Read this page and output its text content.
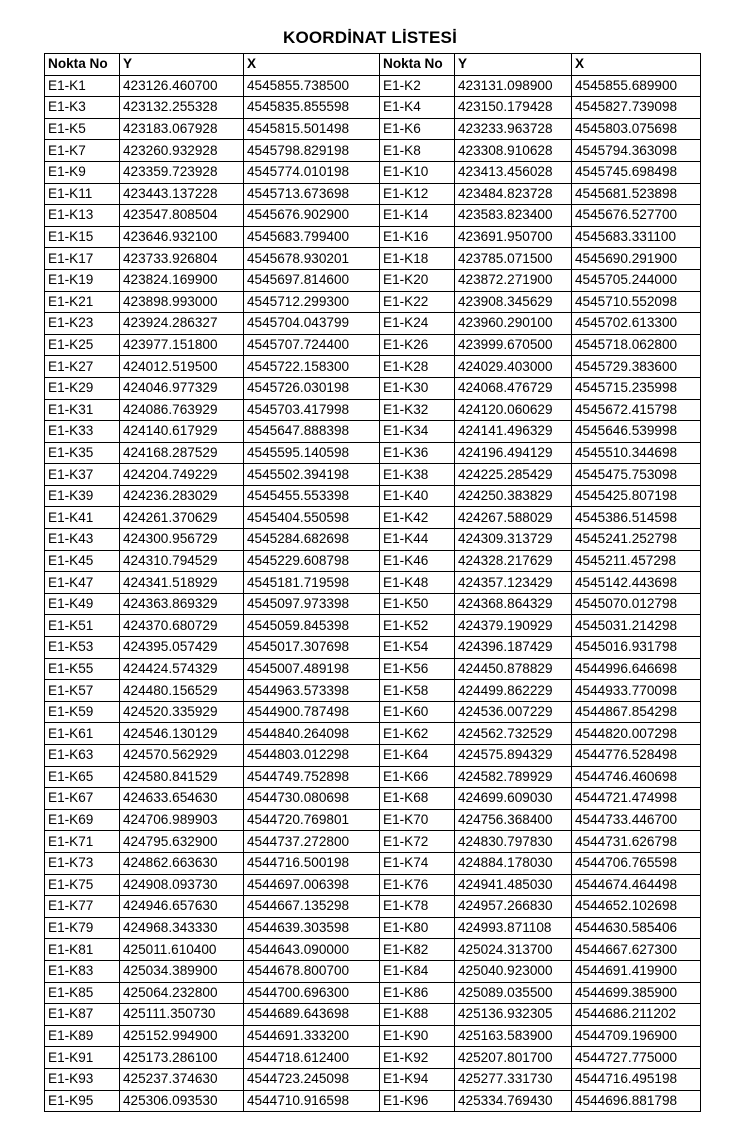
KOORDİNAT LİSTESİ
Nokta No	Y	X	Nokta No	Y	X
E1-K1	423126.460700	4545855.738500	E1-K2	423131.098900	4545855.689900
E1-K3	423132.255328	4545835.855598	E1-K4	423150.179428	4545827.739098
E1-K5	423183.067928	4545815.501498	E1-K6	423233.963728	4545803.075698
E1-K7	423260.932928	4545798.829198	E1-K8	423308.910628	4545794.363098
E1-K9	423359.723928	4545774.010198	E1-K10	423413.456028	4545745.698498
E1-K11	423443.137228	4545713.673698	E1-K12	423484.823728	4545681.523898
E1-K13	423547.808504	4545676.902900	E1-K14	423583.823400	4545676.527700
E1-K15	423646.932100	4545683.799400	E1-K16	423691.950700	4545683.331100
E1-K17	423733.926804	4545678.930201	E1-K18	423785.071500	4545690.291900
E1-K19	423824.169900	4545697.814600	E1-K20	423872.271900	4545705.244000
E1-K21	423898.993000	4545712.299300	E1-K22	423908.345629	4545710.552098
E1-K23	423924.286327	4545704.043799	E1-K24	423960.290100	4545702.613300
E1-K25	423977.151800	4545707.724400	E1-K26	423999.670500	4545718.062800
E1-K27	424012.519500	4545722.158300	E1-K28	424029.403000	4545729.383600
E1-K29	424046.977329	4545726.030198	E1-K30	424068.476729	4545715.235998
E1-K31	424086.763929	4545703.417998	E1-K32	424120.060629	4545672.415798
E1-K33	424140.617929	4545647.888398	E1-K34	424141.496329	4545646.539998
E1-K35	424168.287529	4545595.140598	E1-K36	424196.494129	4545510.344698
E1-K37	424204.749229	4545502.394198	E1-K38	424225.285429	4545475.753098
E1-K39	424236.283029	4545455.553398	E1-K40	424250.383829	4545425.807198
E1-K41	424261.370629	4545404.550598	E1-K42	424267.588029	4545386.514598
E1-K43	424300.956729	4545284.682698	E1-K44	424309.313729	4545241.252798
E1-K45	424310.794529	4545229.608798	E1-K46	424328.217629	4545211.457298
E1-K47	424341.518929	4545181.719598	E1-K48	424357.123429	4545142.443698
E1-K49	424363.869329	4545097.973398	E1-K50	424368.864329	4545070.012798
E1-K51	424370.680729	4545059.845398	E1-K52	424379.190929	4545031.214298
E1-K53	424395.057429	4545017.307698	E1-K54	424396.187429	4545016.931798
E1-K55	424424.574329	4545007.489198	E1-K56	424450.878829	4544996.646698
E1-K57	424480.156529	4544963.573398	E1-K58	424499.862229	4544933.770098
E1-K59	424520.335929	4544900.787498	E1-K60	424536.007229	4544867.854298
E1-K61	424546.130129	4544840.264098	E1-K62	424562.732529	4544820.007298
E1-K63	424570.562929	4544803.012298	E1-K64	424575.894329	4544776.528498
E1-K65	424580.841529	4544749.752898	E1-K66	424582.789929	4544746.460698
E1-K67	424633.654630	4544730.080698	E1-K68	424699.609030	4544721.474998
E1-K69	424706.989903	4544720.769801	E1-K70	424756.368400	4544733.446700
E1-K71	424795.632900	4544737.272800	E1-K72	424830.797830	4544731.626798
E1-K73	424862.663630	4544716.500198	E1-K74	424884.178030	4544706.765598
E1-K75	424908.093730	4544697.006398	E1-K76	424941.485030	4544674.464498
E1-K77	424946.657630	4544667.135298	E1-K78	424957.266830	4544652.102698
E1-K79	424968.343330	4544639.303598	E1-K80	424993.871108	4544630.585406
E1-K81	425011.610400	4544643.090000	E1-K82	425024.313700	4544667.627300
E1-K83	425034.389900	4544678.800700	E1-K84	425040.923000	4544691.419900
E1-K85	425064.232800	4544700.696300	E1-K86	425089.035500	4544699.385900
E1-K87	425111.350730	4544689.643698	E1-K88	425136.932305	4544686.211202
E1-K89	425152.994900	4544691.333200	E1-K90	425163.583900	4544709.196900
E1-K91	425173.286100	4544718.612400	E1-K92	425207.801700	4544727.775000
E1-K93	425237.374630	4544723.245098	E1-K94	425277.331730	4544716.495198
E1-K95	425306.093530	4544710.916598	E1-K96	425334.769430	4544696.881798
